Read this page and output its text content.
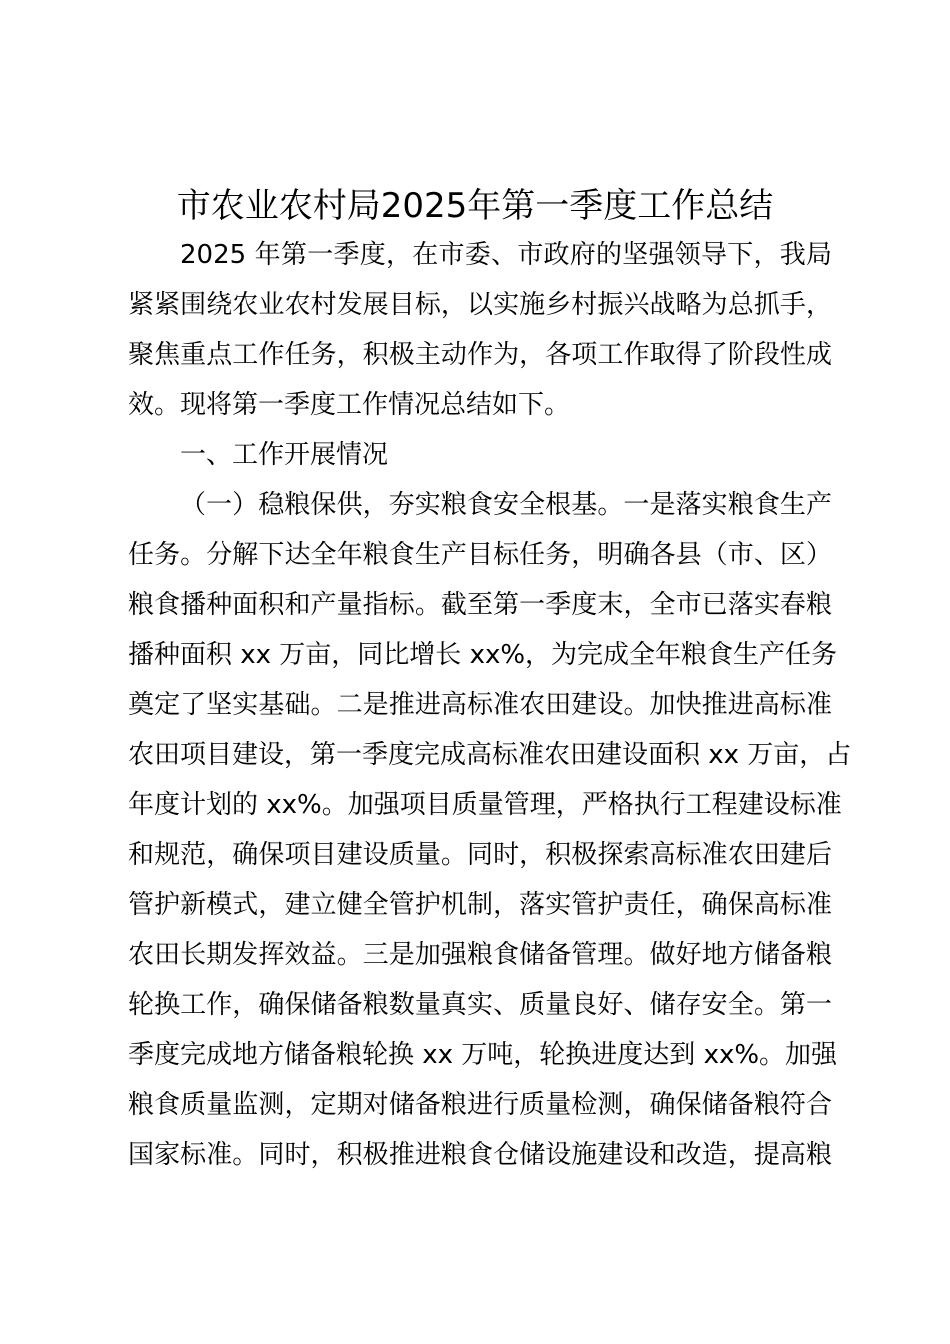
市农业农村局2025年第一季度工作总结
2025 年第一季度，在市委、市政府的坚强领导下，我局
紧紧围绕农业农村发展目标，以实施乡村振兴战略为总抓手，
聚焦重点工作任务，积极主动作为，各项工作取得了阶段性成
效。现将第一季度工作情况总结如下。
一、工作开展情况
（一）稳粮保供，夯实粮食安全根基。一是落实粮食生产
任务。分解下达全年粮食生产目标任务，明确各县（市、区）
粮食播种面积和产量指标。截至第一季度末，全市已落实春粮
播种面积 xx 万亩，同比增长 xx%，为完成全年粮食生产任务
奠定了坚实基础。二是推进高标准农田建设。加快推进高标准
农田项目建设，第一季度完成高标准农田建设面积 xx 万亩，占
年度计划的 xx%。加强项目质量管理，严格执行工程建设标准
和规范，确保项目建设质量。同时，积极探索高标准农田建后
管护新模式，建立健全管护机制，落实管护责任，确保高标准
农田长期发挥效益。三是加强粮食储备管理。做好地方储备粮
轮换工作，确保储备粮数量真实、质量良好、储存安全。第一
季度完成地方储备粮轮换 xx 万吨，轮换进度达到 xx%。加强
粮食质量监测，定期对储备粮进行质量检测，确保储备粮符合
国家标准。同时，积极推进粮食仓储设施建设和改造，提高粮
